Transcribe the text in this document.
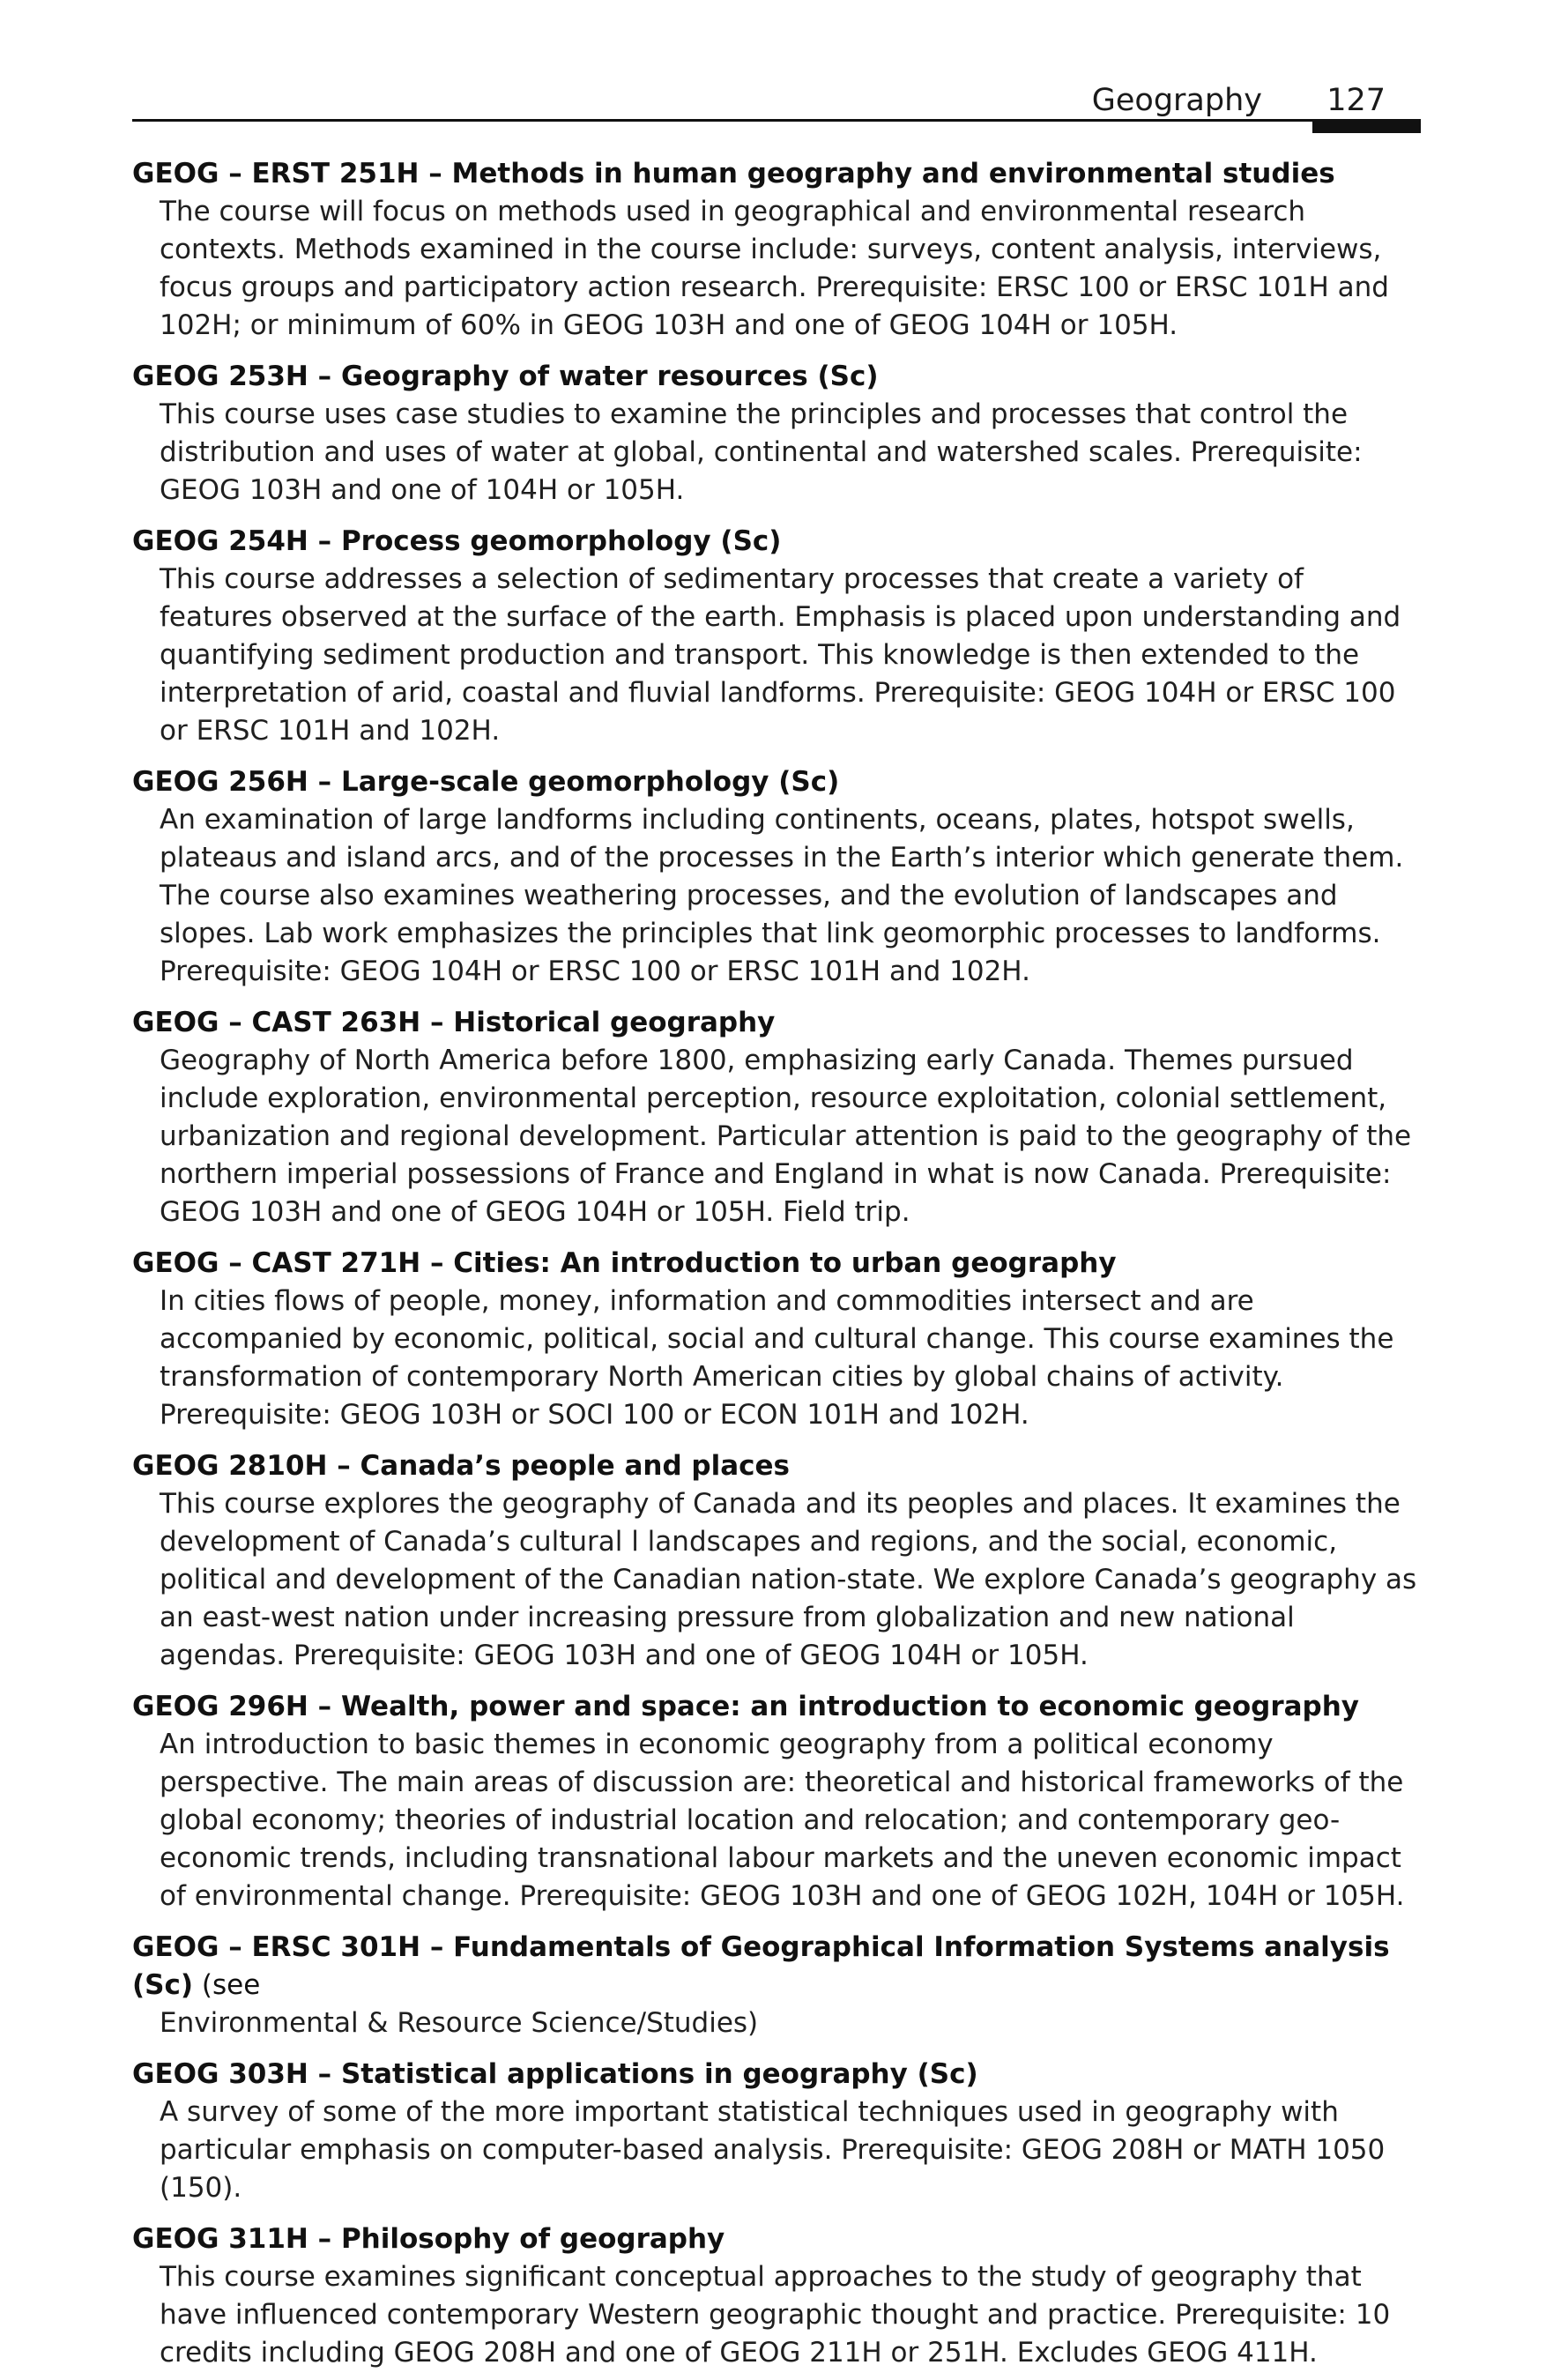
Geography 127
GEOG – ERST 251H – Methods in human geography and environmental studies
The course will focus on methods used in geographical and environmental research contexts. Methods examined in the course include: surveys, content analysis, interviews, focus groups and participatory action research. Prerequisite: ERSC 100 or ERSC 101H and 102H; or minimum of 60% in GEOG 103H and one of GEOG 104H or 105H.
GEOG 253H – Geography of water resources (Sc)
This course uses case studies to examine the principles and processes that control the distribution and uses of water at global, continental and watershed scales. Prerequisite: GEOG 103H and one of 104H or 105H.
GEOG 254H – Process geomorphology (Sc)
This course addresses a selection of sedimentary processes that create a variety of features observed at the surface of the earth. Emphasis is placed upon understanding and quantifying sediment production and transport. This knowledge is then extended to the interpretation of arid, coastal and fluvial landforms. Prerequisite: GEOG 104H or ERSC 100 or ERSC 101H and 102H.
GEOG 256H – Large-scale geomorphology (Sc)
An examination of large landforms including continents, oceans, plates, hotspot swells, plateaus and island arcs, and of the processes in the Earth’s interior which generate them. The course also examines weathering processes, and the evolution of landscapes and slopes. Lab work emphasizes the principles that link geomorphic processes to landforms. Prerequisite: GEOG 104H or ERSC 100 or ERSC 101H and 102H.
GEOG – CAST 263H – Historical geography
Geography of North America before 1800, emphasizing early Canada. Themes pursued include exploration, environmental perception, resource exploitation, colonial settlement, urbanization and regional development. Particular attention is paid to the geography of the northern imperial possessions of France and England in what is now Canada. Prerequisite: GEOG 103H and one of GEOG 104H or 105H. Field trip.
GEOG – CAST 271H – Cities: An introduction to urban geography
In cities flows of people, money, information and commodities intersect and are accompanied by economic, political, social and cultural change. This course examines the transformation of contemporary North American cities by global chains of activity. Prerequisite: GEOG 103H or SOCI 100 or ECON 101H and 102H.
GEOG 2810H – Canada’s people and places
This course explores the geography of Canada and its peoples and places. It examines the development of Canada’s cultural l landscapes and regions, and the social, economic, political and development of the Canadian nation-state. We explore Canada’s geography as an east-west nation under increasing pressure from globalization and new national agendas. Prerequisite: GEOG 103H and one of GEOG 104H or 105H.
GEOG 296H – Wealth, power and space: an introduction to economic geography
An introduction to basic themes in economic geography from a political economy perspective. The main areas of discussion are: theoretical and historical frameworks of the global economy; theories of industrial location and relocation; and contemporary geo-economic trends, including transnational labour markets and the uneven economic impact of environmental change. Prerequisite: GEOG 103H and one of GEOG 102H, 104H or 105H.
GEOG – ERSC 301H – Fundamentals of Geographical Information Systems analysis (Sc) (see
Environmental & Resource Science/Studies)
GEOG 303H – Statistical applications in geography (Sc)
A survey of some of the more important statistical techniques used in geography with particular emphasis on computer-based analysis. Prerequisite: GEOG 208H or MATH 1050 (150).
GEOG 311H – Philosophy of geography
This course examines significant conceptual approaches to the study of geography that have influenced contemporary Western geographic thought and practice. Prerequisite: 10 credits including GEOG 208H and one of GEOG 211H or 251H. Excludes GEOG 411H.
